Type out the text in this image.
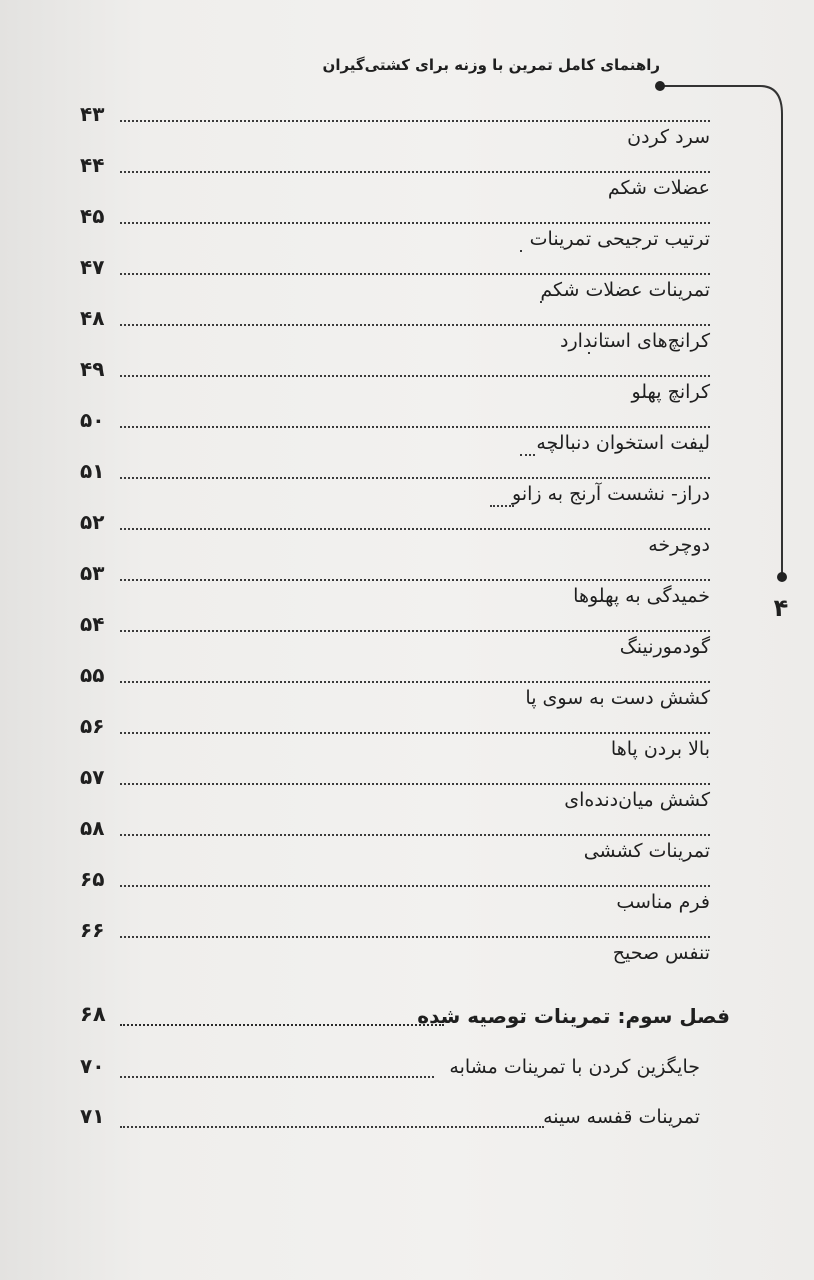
راهنمای کامل تمرین با وزنه برای کشتی‌گیران
۴
۴۳
سرد کردن
۴۴
عضلات شکم
۴۵
ترتیب ترجیحی تمرینات
۴۷
تمرینات عضلات شکم
۴۸
کرانچ‌های استاندارد
۴۹
کرانچ پهلو
۵۰
لیفت استخوان دنبالچه
۵۱
دراز- نشست آرنج به زانو
۵۲
دوچرخه
۵۳
خمیدگی به پهلوها
۵۴
گودمورنینگ
۵۵
کشش دست به سوی پا
۵۶
بالا بردن پاها
۵۷
کشش میان‌دنده‌ای
۵۸
تمرینات کششی
۶۵
فرم مناسب
۶۶
تنفس صحیح
۶۸	فصل سوم: تمرینات توصیه شده
۷۰	جایگزین کردن با تمرینات مشابه
۷۱	تمرینات قفسه سینه
